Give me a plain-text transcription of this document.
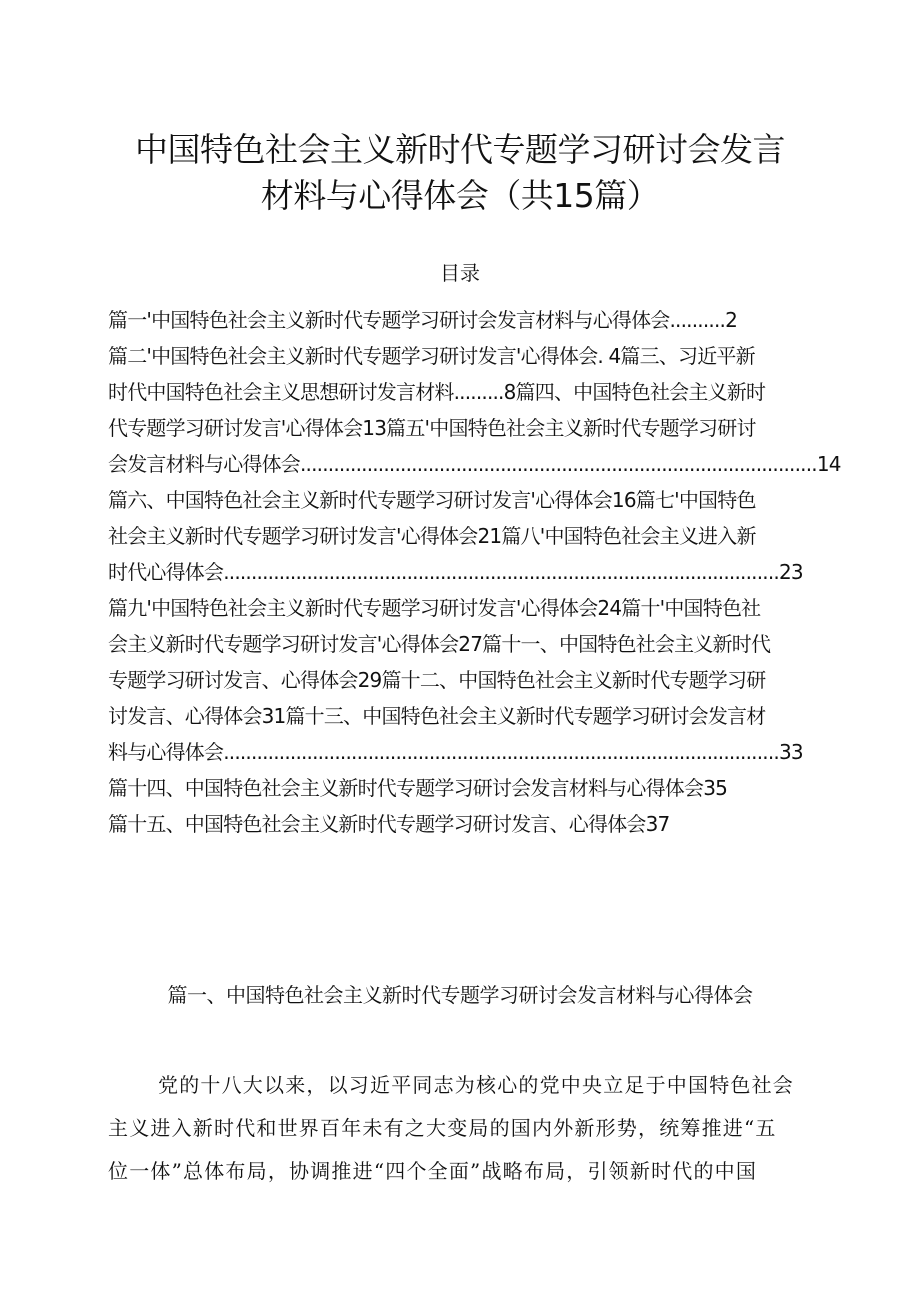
中国特色社会主义新时代专题学习研讨会发言
材料与心得体会（共15篇）
目录
篇一'中国特色社会主义新时代专题学习研讨会发言材料与心得体会..........2
篇二'中国特色社会主义新时代专题学习研讨发言'心得体会. 4篇三、习近平新
时代中国特色社会主义思想研讨发言材料.........8篇四、中国特色社会主义新时
代专题学习研讨发言'心得体会13篇五'中国特色社会主义新时代专题学习研讨
会发言材料与心得体会.............................................................................................14
篇六、中国特色社会主义新时代专题学习研讨发言'心得体会16篇七'中国特色
社会主义新时代专题学习研讨发言'心得体会21篇八'中国特色社会主义进入新
时代心得体会....................................................................................................23
篇九'中国特色社会主义新时代专题学习研讨发言'心得体会24篇十'中国特色社
会主义新时代专题学习研讨发言'心得体会27篇十一、中国特色社会主义新时代
专题学习研讨发言、心得体会29篇十二、中国特色社会主义新时代专题学习研
讨发言、心得体会31篇十三、中国特色社会主义新时代专题学习研讨会发言材
料与心得体会....................................................................................................33
篇十四、中国特色社会主义新时代专题学习研讨会发言材料与心得体会35
篇十五、中国特色社会主义新时代专题学习研讨发言、心得体会37
篇一、中国特色社会主义新时代专题学习研讨会发言材料与心得体会
党的十八大以来，以习近平同志为核心的党中央立足于中国特色社会
主义进入新时代和世界百年未有之大变局的国内外新形势，统筹推进“五
位一体”总体布局，协调推进“四个全面”战略布局，引领新时代的中国
